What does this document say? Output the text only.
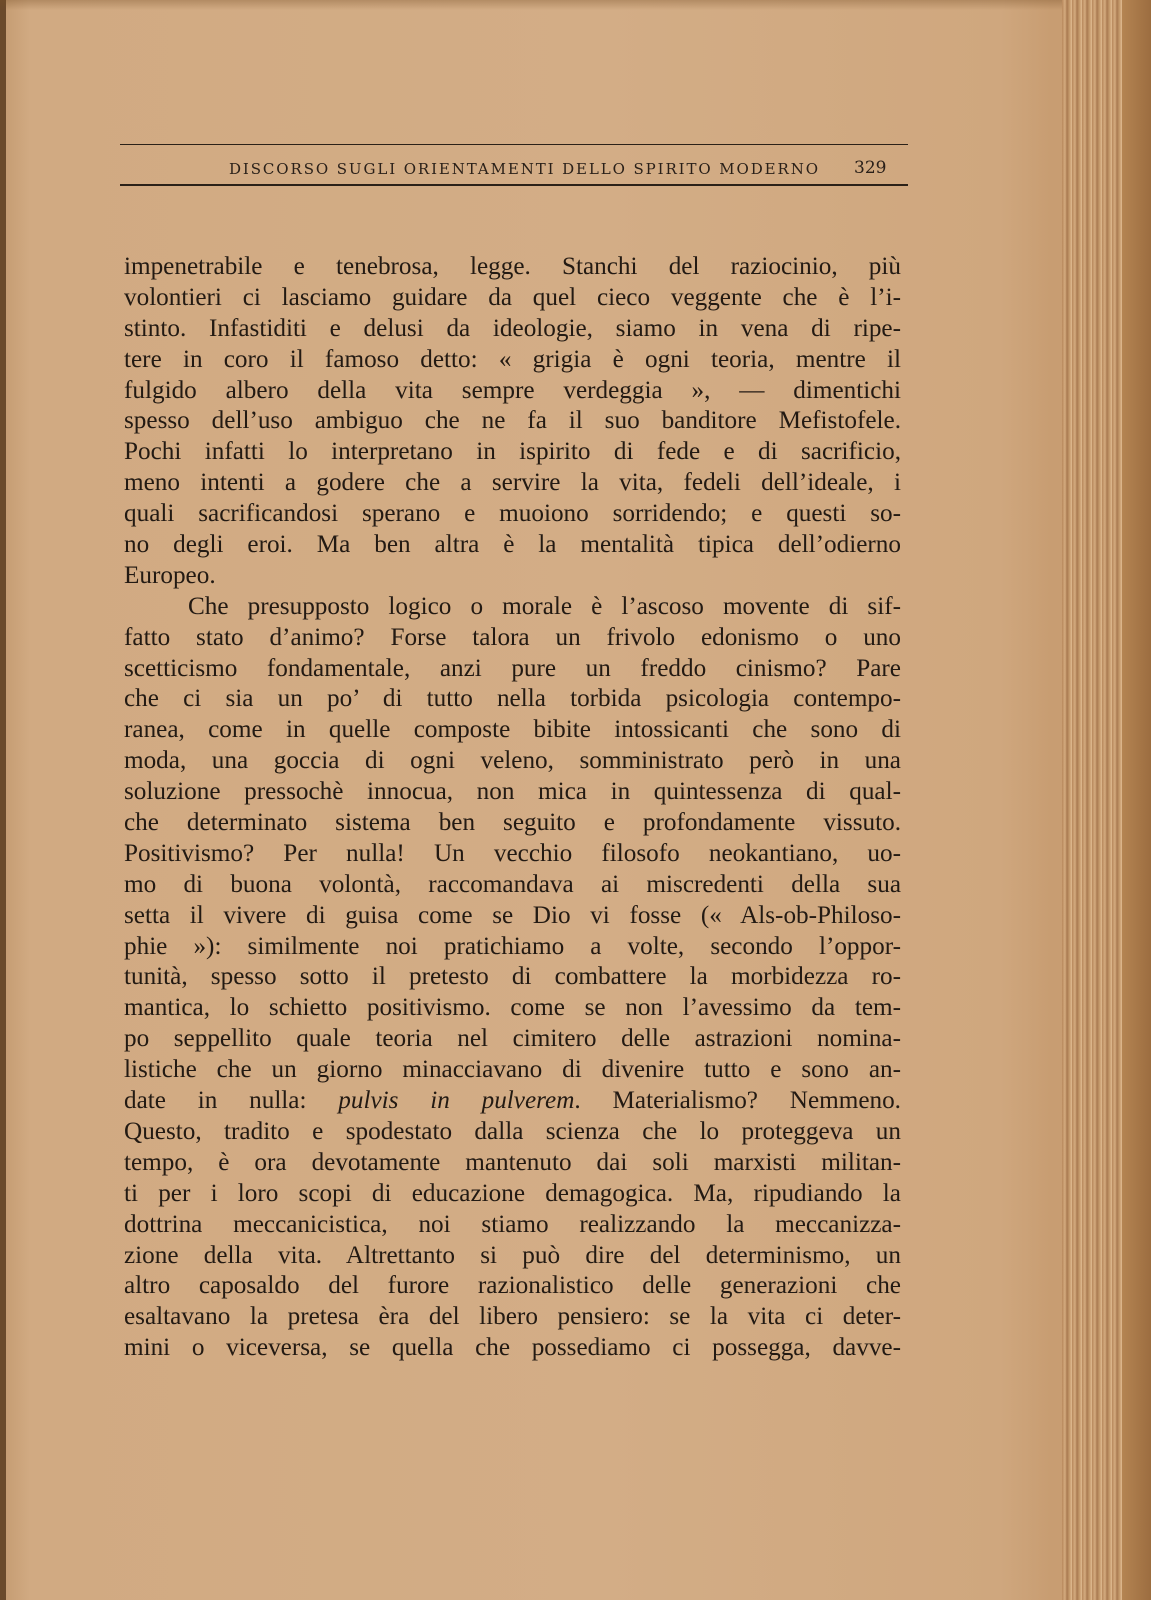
DISCORSO SUGLI ORIENTAMENTI DELLO SPIRITO MODERNO 329
impenetrabile e tenebrosa, legge. Stanchi del raziocinio, più
volontieri ci lasciamo guidare da quel cieco veggente che è l’i-
stinto. Infastiditi e delusi da ideologie, siamo in vena di ripe-
tere in coro il famoso detto: « grigia è ogni teoria, mentre il
fulgido albero della vita sempre verdeggia », — dimentichi
spesso dell’uso ambiguo che ne fa il suo banditore Mefistofele.
Pochi infatti lo interpretano in ispirito di fede e di sacrificio,
meno intenti a godere che a servire la vita, fedeli dell’ideale, i
quali sacrificandosi sperano e muoiono sorridendo; e questi so-
no degli eroi. Ma ben altra è la mentalità tipica dell’odierno
Europeo.
Che presupposto logico o morale è l’ascoso movente di sif-
fatto stato d’animo? Forse talora un frivolo edonismo o uno
scetticismo fondamentale, anzi pure un freddo cinismo? Pare
che ci sia un po’ di tutto nella torbida psicologia contempo-
ranea, come in quelle composte bibite intossicanti che sono di
moda, una goccia di ogni veleno, somministrato però in una
soluzione pressochè innocua, non mica in quintessenza di qual-
che determinato sistema ben seguito e profondamente vissuto.
Positivismo? Per nulla! Un vecchio filosofo neokantiano, uo-
mo di buona volontà, raccomandava ai miscredenti della sua
setta il vivere di guisa come se Dio vi fosse (« Als-ob-Philoso-
phie »): similmente noi pratichiamo a volte, secondo l’oppor-
tunità, spesso sotto il pretesto di combattere la morbidezza ro-
mantica, lo schietto positivismo. come se non l’avessimo da tem-
po seppellito quale teoria nel cimitero delle astrazioni nomina-
listiche che un giorno minacciavano di divenire tutto e sono an-
date in nulla: pulvis in pulverem. Materialismo? Nemmeno.
Questo, tradito e spodestato dalla scienza che lo proteggeva un
tempo, è ora devotamente mantenuto dai soli marxisti militan-
ti per i loro scopi di educazione demagogica. Ma, ripudiando la
dottrina meccanicistica, noi stiamo realizzando la meccanizza-
zione della vita. Altrettanto si può dire del determinismo, un
altro caposaldo del furore razionalistico delle generazioni che
esaltavano la pretesa èra del libero pensiero: se la vita ci deter-
mini o viceversa, se quella che possediamo ci possegga, davve-
